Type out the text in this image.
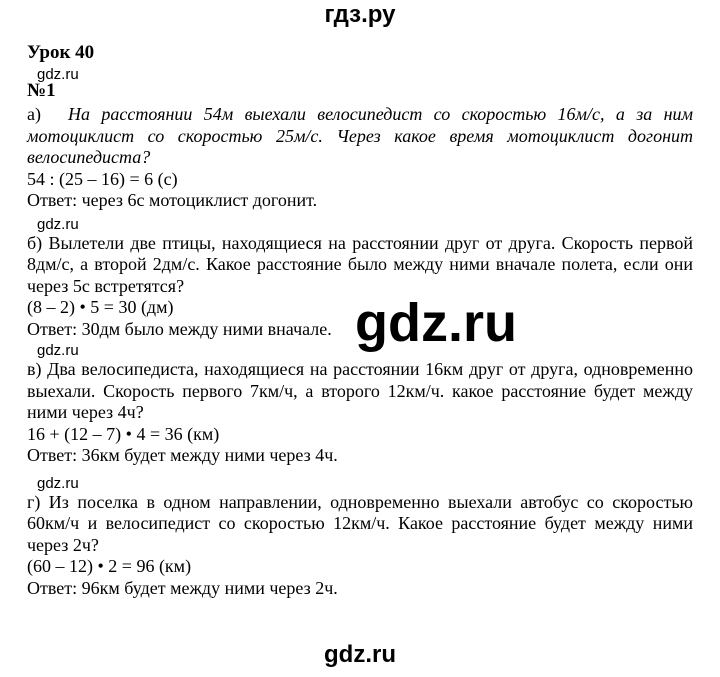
гдз.ру
Урок 40
gdz.ru
№1
а) На расстоянии 54м выехали велосипедист со скоростью 16м/с, а за ним мотоциклист со скоростью 25м/с. Через какое время мотоциклист догонит велосипедиста?
54 : (25 – 16) = 6 (с)
Ответ: через 6с мотоциклист догонит.
gdz.ru
б) Вылетели две птицы, находящиеся на расстоянии друг от друга. Скорость первой 8дм/с, а второй 2дм/с. Какое расстояние было между ними вначале полета, если они через 5с встретятся?
(8 – 2) • 5 = 30 (дм)
Ответ: 30дм было между ними вначале.
gdz.ru
в) Два велосипедиста, находящиеся на расстоянии 16км друг от друга, одновременно выехали. Скорость первого 7км/ч, а второго 12км/ч. какое расстояние будет между ними через 4ч?
16 + (12 – 7) • 4 = 36 (км)
Ответ: 36км будет между ними через 4ч.
gdz.ru
г) Из поселка в одном направлении, одновременно выехали автобус со скоростью 60км/ч и велосипедист со скоростью 12км/ч. Какое расстояние будет между ними через 2ч?
(60 – 12) • 2 = 96 (км)
Ответ: 96км будет между ними через 2ч.
gdz.ru
gdz.ru
